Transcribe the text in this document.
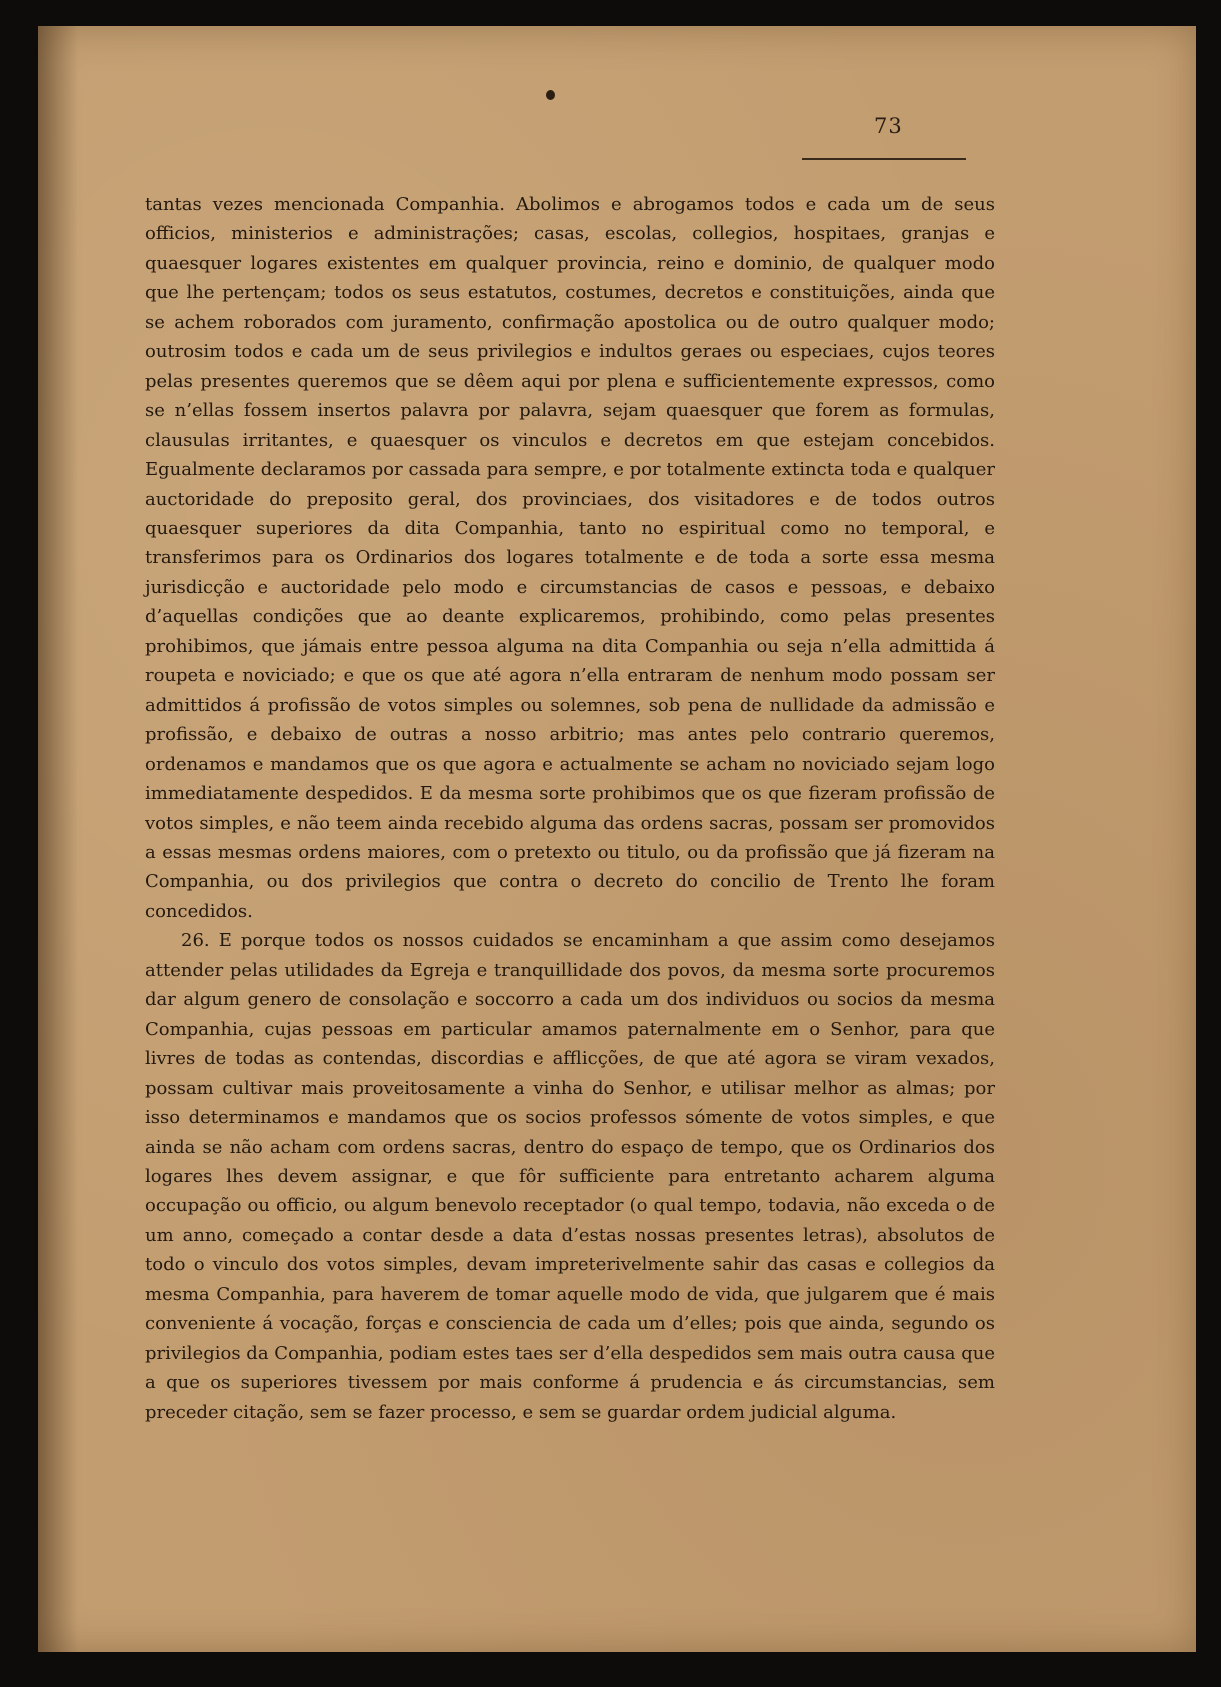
73

tantas vezes mencionada Companhia. Abolimos e abrogamos todos e cada um de seus officios, ministerios e administrações; casas, escolas, collegios, hospitaes, granjas e quaesquer logares existentes em qualquer provincia, reino e dominio, de qualquer modo que lhe pertençam; todos os seus estatutos, costumes, decretos e constituições, ainda que se achem roborados com juramento, confirmação apostolica ou de outro qualquer modo; outrosim todos e cada um de seus privilegios e indultos geraes ou especiaes, cujos teores pelas presentes queremos que se dêem aqui por plena e sufficientemente expressos, como se n’ellas fossem insertos palavra por palavra, sejam quaesquer que forem as formulas, clausulas irritantes, e quaesquer os vinculos e decretos em que estejam concebidos. Egualmente declaramos por cassada para sempre, e por totalmente extincta toda e qualquer auctoridade do preposito geral, dos provinciaes, dos visitadores e de todos outros quaesquer superiores da dita Companhia, tanto no espiritual como no temporal, e transferimos para os Ordinarios dos logares totalmente e de toda a sorte essa mesma jurisdicção e auctoridade pelo modo e circumstancias de casos e pessoas, e debaixo d’aquellas condições que ao deante explicaremos, prohibindo, como pelas presentes prohibimos, que jámais entre pessoa alguma na dita Companhia ou seja n’ella admittida á roupeta e noviciado; e que os que até agora n’ella entraram de nenhum modo possam ser admittidos á profissão de votos simples ou solemnes, sob pena de nullidade da admissão e profissão, e debaixo de outras a nosso arbitrio; mas antes pelo contrario queremos, ordenamos e mandamos que os que agora e actualmente se acham no noviciado sejam logo immediatamente despedidos. E da mesma sorte prohibimos que os que fizeram profissão de votos simples, e não teem ainda recebido alguma das ordens sacras, possam ser promovidos a essas mesmas ordens maiores, com o pretexto ou titulo, ou da profissão que já fizeram na Companhia, ou dos privilegios que contra o decreto do concilio de Trento lhe foram concedidos.

26. E porque todos os nossos cuidados se encaminham a que assim como desejamos attender pelas utilidades da Egreja e tranquillidade dos povos, da mesma sorte procuremos dar algum genero de consolação e soccorro a cada um dos individuos ou socios da mesma Companhia, cujas pessoas em particular amamos paternalmente em o Senhor, para que livres de todas as contendas, discordias e afflicções, de que até agora se viram vexados, possam cultivar mais proveitosamente a vinha do Senhor, e utilisar melhor as almas; por isso determinamos e mandamos que os socios professos sómente de votos simples, e que ainda se não acham com ordens sacras, dentro do espaço de tempo, que os Ordinarios dos logares lhes devem assignar, e que fôr sufficiente para entretanto acharem alguma occupação ou officio, ou algum benevolo receptador (o qual tempo, todavia, não exceda o de um anno, começado a contar desde a data d’estas nossas presentes letras), absolutos de todo o vinculo dos votos simples, devam impreterivelmente sahir das casas e collegios da mesma Companhia, para haverem de tomar aquelle modo de vida, que julgarem que é mais conveniente á vocação, forças e consciencia de cada um d’elles; pois que ainda, segundo os privilegios da Companhia, podiam estes taes ser d’ella despedidos sem mais outra causa que a que os superiores tivessem por mais conforme á prudencia e ás circumstancias, sem preceder citação, sem se fazer processo, e sem se guardar ordem judicial alguma.
